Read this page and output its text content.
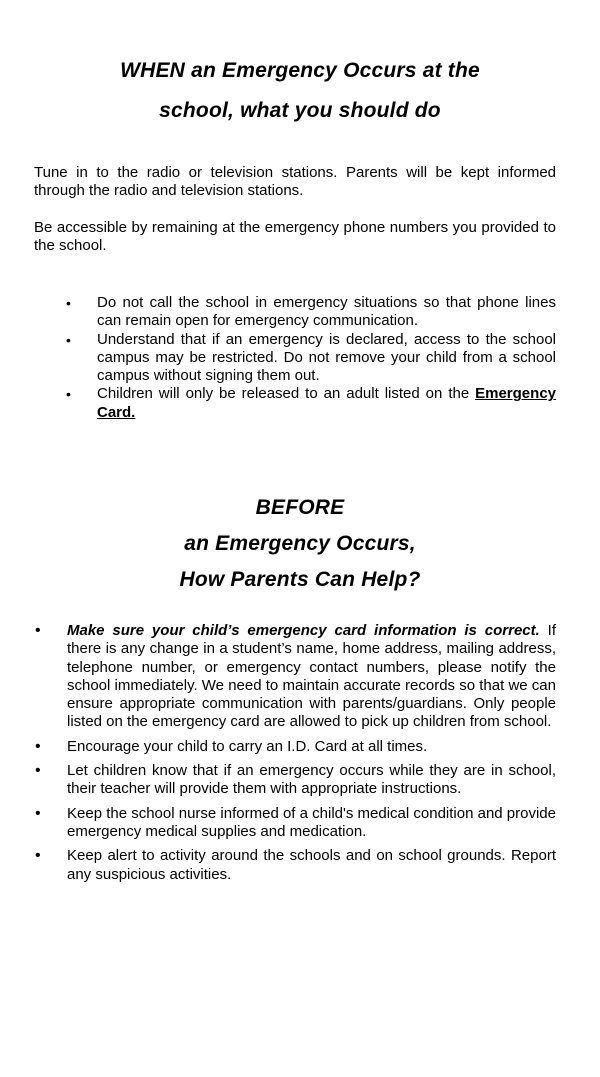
WHEN an Emergency Occurs at the
school, what you should do

Tune in to the radio or television stations. Parents will be kept informed through the radio and television stations.

Be accessible by remaining at the emergency phone numbers you provided to the school.

• Do not call the school in emergency situations so that phone lines can remain open for emergency communication.
• Understand that if an emergency is declared, access to the school campus may be restricted. Do not remove your child from a school campus without signing them out.
• Children will only be released to an adult listed on the Emergency Card.
BEFORE
an Emergency Occurs,
How Parents Can Help?
• Make sure your child’s emergency card information is correct. If there is any change in a student’s name, home address, mailing address, telephone number, or emergency contact numbers, please notify the school immediately. We need to maintain accurate records so that we can ensure appropriate communication with parents/guardians. Only people listed on the emergency card are allowed to pick up children from school.
• Encourage your child to carry an I.D. Card at all times.
• Let children know that if an emergency occurs while they are in school, their teacher will provide them with appropriate instructions.
• Keep the school nurse informed of a child's medical condition and provide emergency medical supplies and medication.
• Keep alert to activity around the schools and on school grounds. Report any suspicious activities.
